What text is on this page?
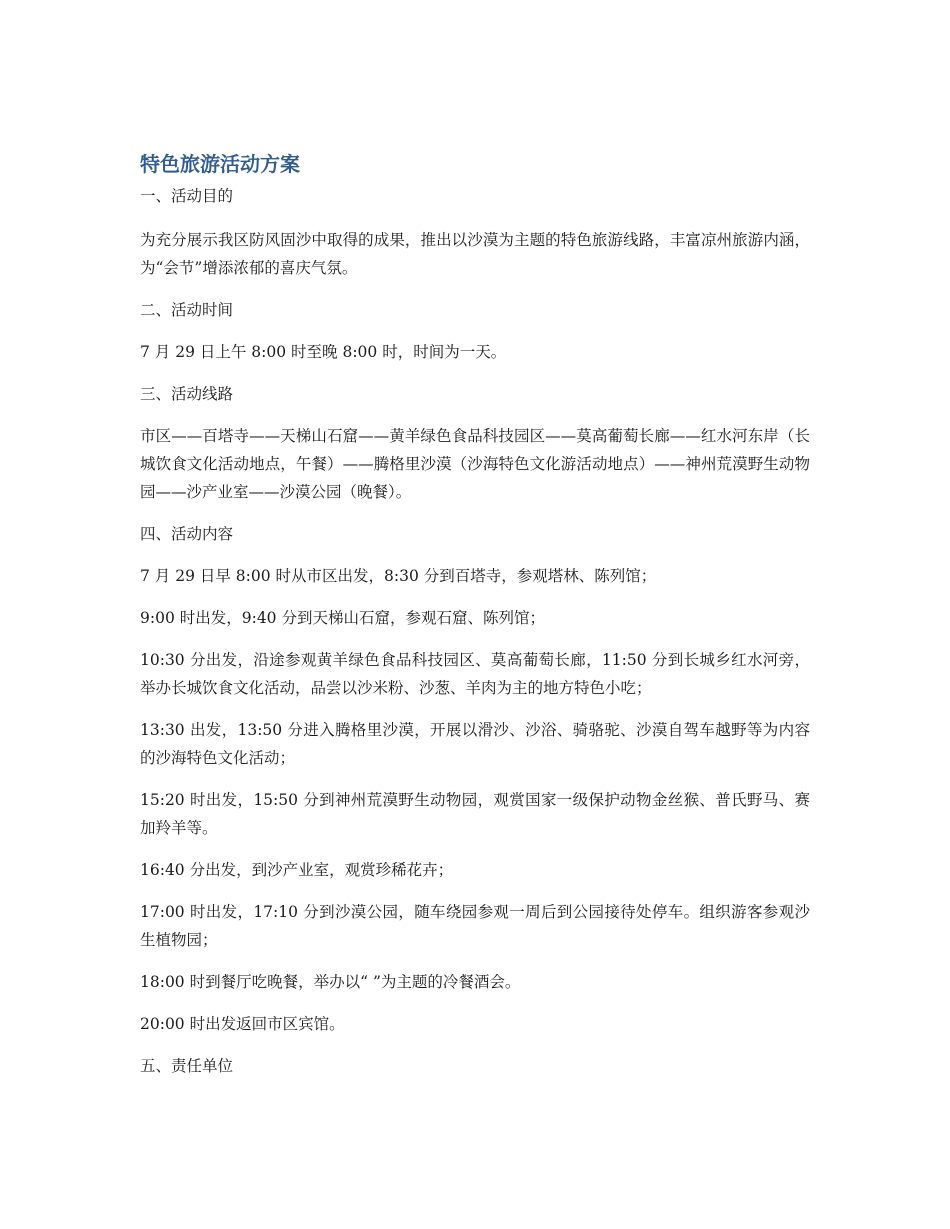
特色旅游活动方案

一、活动目的

为充分展示我区防风固沙中取得的成果，推出以沙漠为主题的特色旅游线路，丰富凉州旅游内涵，为“会节”增添浓郁的喜庆气氛。

二、活动时间

7 月 29 日上午 8:00 时至晚 8:00 时，时间为一天。

三、活动线路

市区——百塔寺——天梯山石窟——黄羊绿色食品科技园区——莫高葡萄长廊——红水河东岸（长城饮食文化活动地点，午餐）——腾格里沙漠（沙海特色文化游活动地点）——神州荒漠野生动物园——沙产业室——沙漠公园（晚餐）。

四、活动内容

7 月 29 日早 8:00 时从市区出发，8:30 分到百塔寺，参观塔林、陈列馆；

9:00 时出发，9:40 分到天梯山石窟，参观石窟、陈列馆；

10:30 分出发，沿途参观黄羊绿色食品科技园区、莫高葡萄长廊，11:50 分到长城乡红水河旁，举办长城饮食文化活动，品尝以沙米粉、沙葱、羊肉为主的地方特色小吃；

13:30 出发，13:50 分进入腾格里沙漠，开展以滑沙、沙浴、骑骆驼、沙漠自驾车越野等为内容的沙海特色文化活动；

15:20 时出发，15:50 分到神州荒漠野生动物园，观赏国家一级保护动物金丝猴、普氏野马、赛加羚羊等。

16:40 分出发，到沙产业室，观赏珍稀花卉；

17:00 时出发，17:10 分到沙漠公园，随车绕园参观一周后到公园接待处停车。组织游客参观沙生植物园；

18:00 时到餐厅吃晚餐，举办以“ ”为主题的冷餐酒会。

20:00 时出发返回市区宾馆。

五、责任单位
